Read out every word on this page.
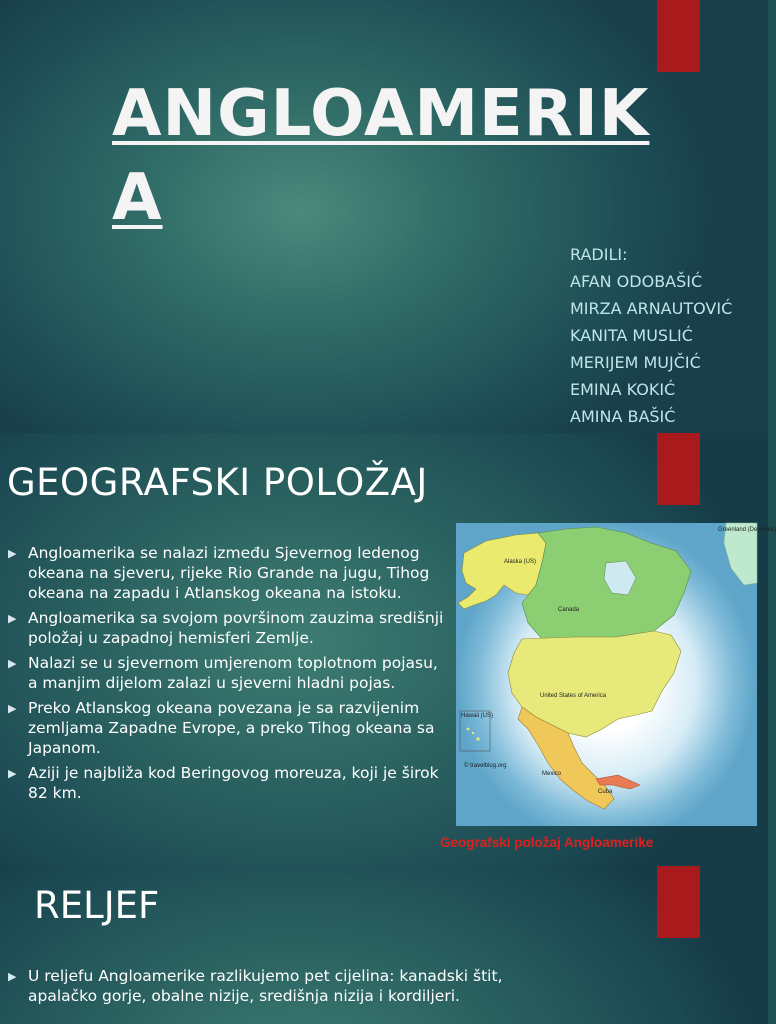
ANGLOAMERIKA
RADILI:
AFAN ODOBAŠIĆ
MIRZA ARNAUTOVIĆ
KANITA MUSLIĆ
MERIJEM MUJČIĆ
EMINA KOKIĆ
AMINA BAŠIĆ
GEOGRAFSKI POLOŽAJ
▶ Angloamerika se nalazi između Sjevernog ledenog okeana na sjeveru, rijeke Rio Grande na jugu, Tihog okeana na zapadu i Atlanskog okeana na istoku.
▶ Angloamerika sa svojom površinom zauzima središnji položaj u zapadnoj hemisferi Zemlje.
▶ Nalazi se u sjevernom umjerenom toplotnom pojasu, a manjim dijelom zalazi u sjeverni hladni pojas.
▶ Preko Atlanskog okeana povezana je sa razvijenim zemljama Zapadne Evrope, a preko Tihog okeana sa Japanom.
▶ Aziji je najbliža kod Beringovog moreuza, koji je širok 82 km.
Alaska (US)
Canada
United States of America
Mexico
Cuba
Hawaii (US)
Greenland (Denmark)
© travelblog.org
Geografski položaj Angloamerike
RELJEF
▶ U reljefu Angloamerike razlikujemo pet cijelina: kanadski štit, apalačko gorje, obalne nizije, središnja nizija i kordiljeri.
